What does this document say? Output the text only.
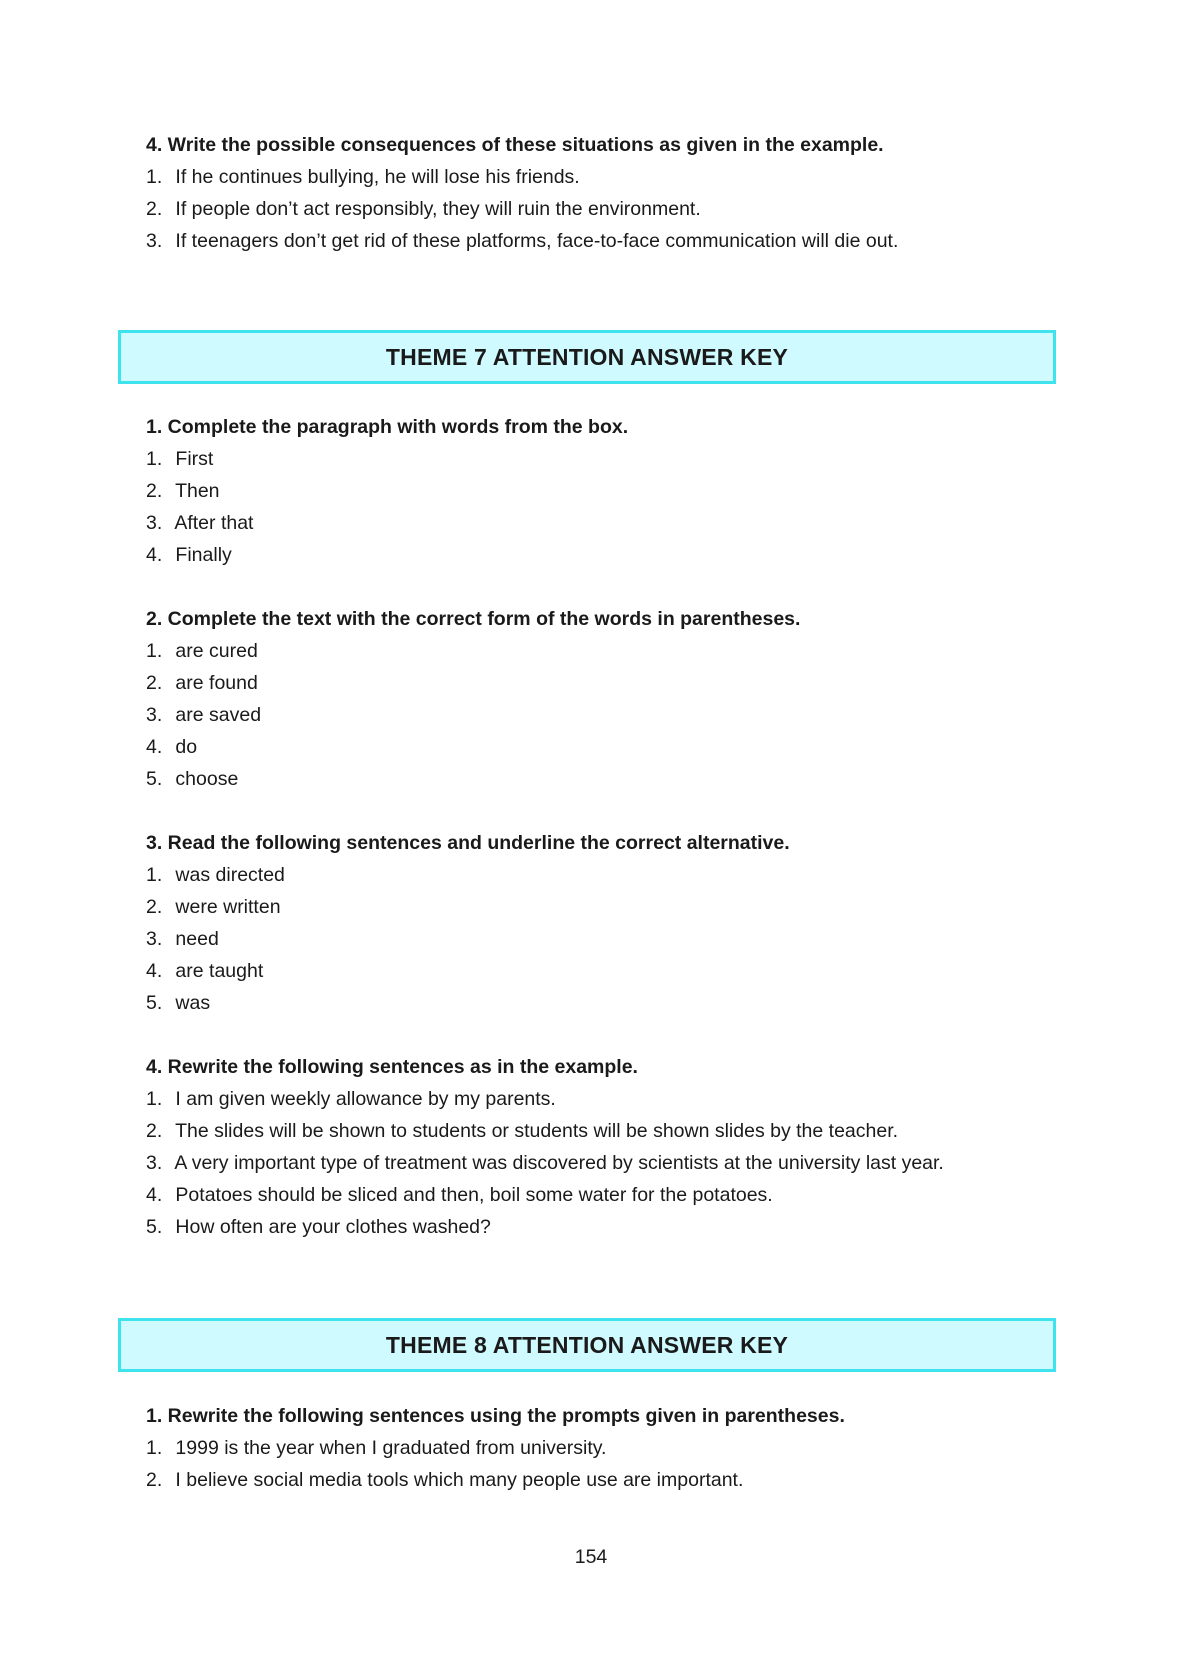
4. Write the possible consequences of these situations as given in the example.
1. If he continues bullying, he will lose his friends.
2. If people don’t act responsibly, they will ruin the environment.
3. If teenagers don’t get rid of these platforms, face-to-face communication will die out.
THEME 7 ATTENTION ANSWER KEY
1. Complete the paragraph with words from the box.
1. First
2. Then
3. After that
4. Finally
2. Complete the text with the correct form of the words in parentheses.
1. are cured
2. are found
3. are saved
4. do
5. choose
3. Read the following sentences and underline the correct alternative.
1. was directed
2. were written
3. need
4. are taught
5. was
4. Rewrite the following sentences as in the example.
1. I am given weekly allowance by my parents.
2. The slides will be shown to students or students will be shown slides by the teacher.
3. A very important type of treatment was discovered by scientists at the university last year.
4. Potatoes should be sliced and then, boil some water for the potatoes.
5. How often are your clothes washed?
THEME 8 ATTENTION ANSWER KEY
1. Rewrite the following sentences using the prompts given in parentheses.
1. 1999 is the year when I graduated from university.
2. I believe social media tools which many people use are important.
154
